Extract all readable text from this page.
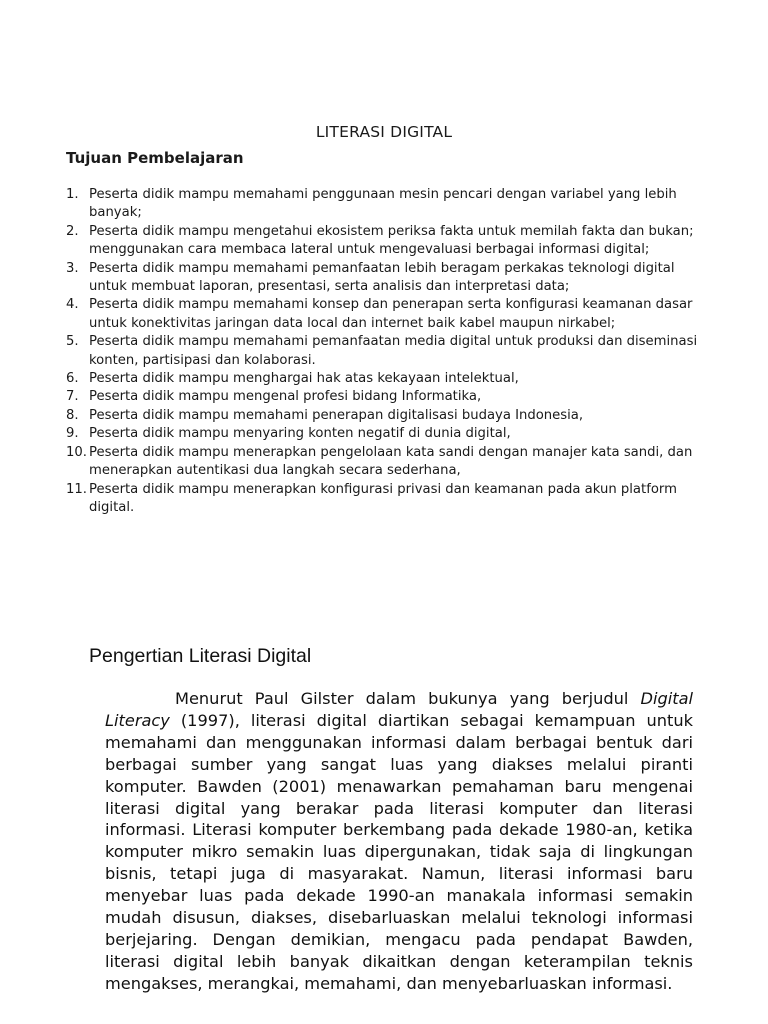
LITERASI DIGITAL
Tujuan Pembelajaran
1. Peserta didik mampu memahami penggunaan mesin pencari dengan variabel yang lebih banyak;
2. Peserta didik mampu mengetahui ekosistem periksa fakta untuk memilah fakta dan bukan; menggunakan cara membaca lateral untuk mengevaluasi berbagai informasi digital;
3. Peserta didik mampu memahami pemanfaatan lebih beragam perkakas teknologi digital untuk membuat laporan, presentasi, serta analisis dan interpretasi data;
4. Peserta didik mampu memahami konsep dan penerapan serta konfigurasi keamanan dasar untuk konektivitas jaringan data local dan internet baik kabel maupun nirkabel;
5. Peserta didik mampu memahami pemanfaatan media digital untuk produksi dan diseminasi konten, partisipasi dan kolaborasi.
6. Peserta didik mampu menghargai hak atas kekayaan intelektual,
7. Peserta didik mampu mengenal profesi bidang Informatika,
8. Peserta didik mampu memahami penerapan digitalisasi budaya Indonesia,
9. Peserta didik mampu menyaring konten negatif di dunia digital,
10. Peserta didik mampu menerapkan pengelolaan kata sandi dengan manajer kata sandi, dan menerapkan autentikasi dua langkah secara sederhana,
11. Peserta didik mampu menerapkan konfigurasi privasi dan keamanan pada akun platform digital.
Pengertian Literasi Digital

Menurut Paul Gilster dalam bukunya yang berjudul Digital Literacy (1997), literasi digital diartikan sebagai kemampuan untuk memahami dan menggunakan informasi dalam berbagai bentuk dari berbagai sumber yang sangat luas yang diakses melalui piranti komputer. Bawden (2001) menawarkan pemahaman baru mengenai literasi digital yang berakar pada literasi komputer dan literasi informasi. Literasi komputer berkembang pada dekade 1980-an, ketika komputer mikro semakin luas dipergunakan, tidak saja di lingkungan bisnis, tetapi juga di masyarakat. Namun, literasi informasi baru menyebar luas pada dekade 1990-an manakala informasi semakin mudah disusun, diakses, disebarluaskan melalui teknologi informasi berjejaring. Dengan demikian, mengacu pada pendapat Bawden, literasi digital lebih banyak dikaitkan dengan keterampilan teknis mengakses, merangkai, memahami, dan menyebarluaskan informasi.
